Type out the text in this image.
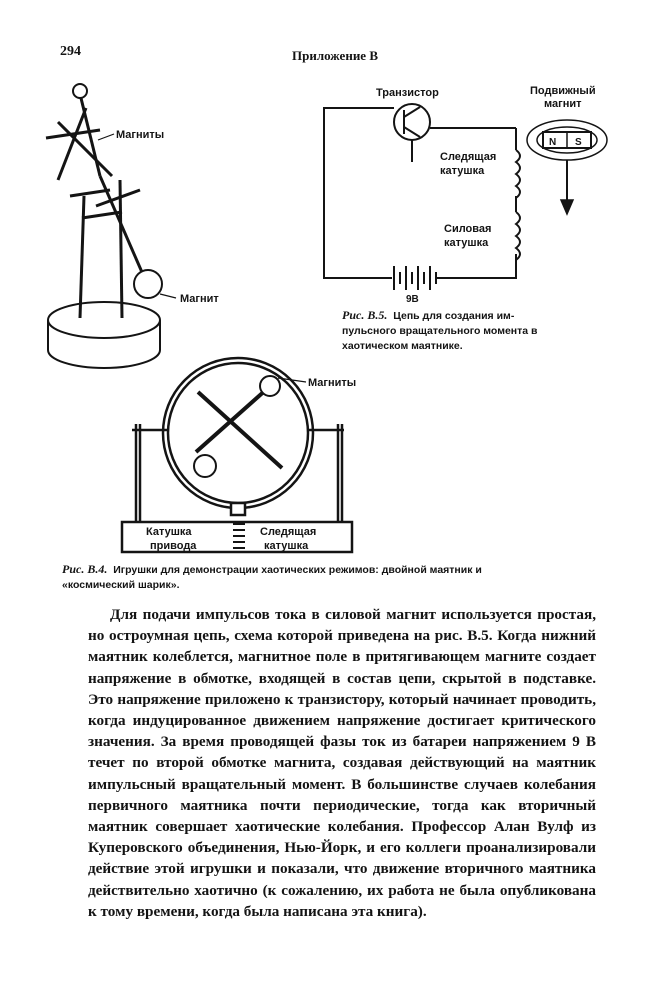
294	Приложение В
Магниты
Магнит
N S
Транзистор	Подвижный
магнит
Следящая
катушка
Силовая
катушка
9В
Рис. В.5. Цепь для создания им-
пульсного вращательного момента в
хаотическом маятнике.
Магниты
Катушка
привода
Следящая
катушка
Рис. В.4. Игрушки для демонстрации хаотических режимов: двойной маятник и
«космический шарик».

Для подачи импульсов тока в силовой магнит используется простая, но остроумная цепь, схема которой приведена на рис. В.5. Когда нижний маятник колеблется, магнитное поле в притягивающем магните создает напряжение в обмотке, входящей в состав цепи, скрытой в подставке. Это напряжение приложено к транзистору, который начинает проводить, когда индуцированное движением напряжение достигает критического значения. За время проводящей фазы ток из батареи напряжением 9 В течет по второй обмотке магнита, создавая действующий на маятник импульсный вращательный момент. В большинстве случаев колебания первичного маятника почти периодические, тогда как вторичный маятник совершает хаотические колебания. Профессор Алан Вулф из Куперовского объединения, Нью-Йорк, и его коллеги проанализировали действие этой игрушки и показали, что движение вторичного маятника действительно хаотично (к сожалению, их работа не была опубликована к тому времени, когда была написана эта книга).
